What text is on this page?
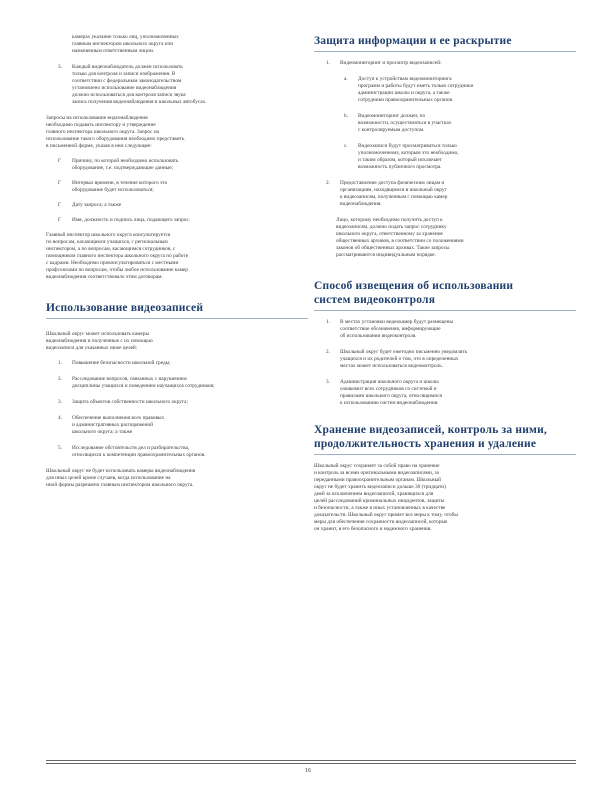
камерах указание только лиц, уполномоченных
главным инспектором школьного округа или
назначенным ответственным лицом.
3. Каждый видеонаблюдатель должен использовать
только для контроля и записи изображения. В
соответствии с федеральным законодательством
установлено использование видеонаблюдения
должно использоваться для контроля записи звука
запись получения видеонаблюдения в школьных автобусах.

Запросы на использование видеонаблюдения
необходимо подавать инспектору и утверждение
главного инспектора школьного округа. Запрос на
использование такого оборудования необходимо представить
в письменной форме, указав в нем следующее:

Г Причину, по которой необходимо использовать
оборудование, т.е. подтверждающие данные;
Г Интервал времени, в течение которого это
оборудование будет использоваться;
Г Дату запроса; а также
Г Имя, должность и подпись лица, подающего запрос.

Главный инспектор школьного округа консультируется
по вопросам, касающимся учащихся, с региональным
инспектором, а по вопросам, касающимся сотрудников, с
помощником главного инспектора школьного округа по работе
с кадрами. Необходимо проконсультироваться с местными
профсоюзами по вопросам, чтобы любое использование камер
видеонаблюдения соответствовало этим договорам.

Использование видеозаписей

Школьный округ может использовать камеры
видеонаблюдения и полученные с их помощью
видеозаписи для указанных ниже целей:

1. Повышение безопасности школьной среды;
2. Расследование вопросов, связанных с нарушением
дисциплины учащихся и поведением научащихся сотрудников;
3. Защита объектов собственности школьного округа;
4. Обеспечение выполнения всех правовых
и административных распоряжений
школьного округа; а также
5. Исследование обстоятельств дел и разбирательства,
относящихся к компетенции правоохранительных органов.

Школьный округ не будет использовать камеры видеонаблюдения
для иных целей кроме случаев, когда использование на
иной формы разрешено главным инспектором школьного округа.

Защита информации и ее раскрытие
1. Видеомониторинг и просмотр видеозаписей:
a. Доступ к устройствам видеомониторинга
программ и работы будут иметь только сотрудники
администрации школы и округа, а также
сотрудники правоохранительных органов.
b. Видеомониторинг должен, по
возможности, осуществляться в участках
с контролируемым доступом.
c. Видеозаписи будут просматриваться только
уполномоченному, которым это необходимо,
и таким образом, который исключает
возможность публичного просмотра.
2. Предоставление доступа физическим лицам и
организациям, находящимся в школьный округ
к видеозаписям, полученным с помощью камер
видеонаблюдения.

Лицо, которому необходимо получить доступ к
видеозаписям, должно подать запрос сотруднику
школьного округа, ответственному за хранение
общественных архивов, в соответствии со положениями
законов об общественных архивах. Такие запросы
рассматриваются индивидуальным порядке.

Способ извещения об использовании
систем видеоконтроля
1. В местах установки видеокамер будут размещены
соответствие обозначения, информирующие
об использовании видеоконтроля.
2. Школьный округ будет ежегодно письменно уведомлять
учащихся и их родителей о том, что в определенных
местах может использоваться видеоконтроль.
3. Администрация школьного округа и школы
ознакомит всех сотрудников со системой и
правилами школьного округа, относящимися
к использованию систем видеонаблюдения.
Хранение видеозаписей, контроль за ними,
продолжительность хранения и удаление

Школьный округ сохраняет за собой право на хранение
и контроль за всеми оригинальными видеозаписями, за
переданными правоохранительным органам. Школьный
округ не будет хранить видеозаписи дольше 30 (тридцати)
дней за исключением видеозаписей, хранящихся для
целей расследований криминальных инцидентов, защиты
и безопасности, а также в иных установленных в качестве
доказательств. Школьный округ примет все меры к тому, чтобы
меры для обеспечения сохранности видеозаписей, которые
он хранит, в его безопасного и надежного хранения.

16
